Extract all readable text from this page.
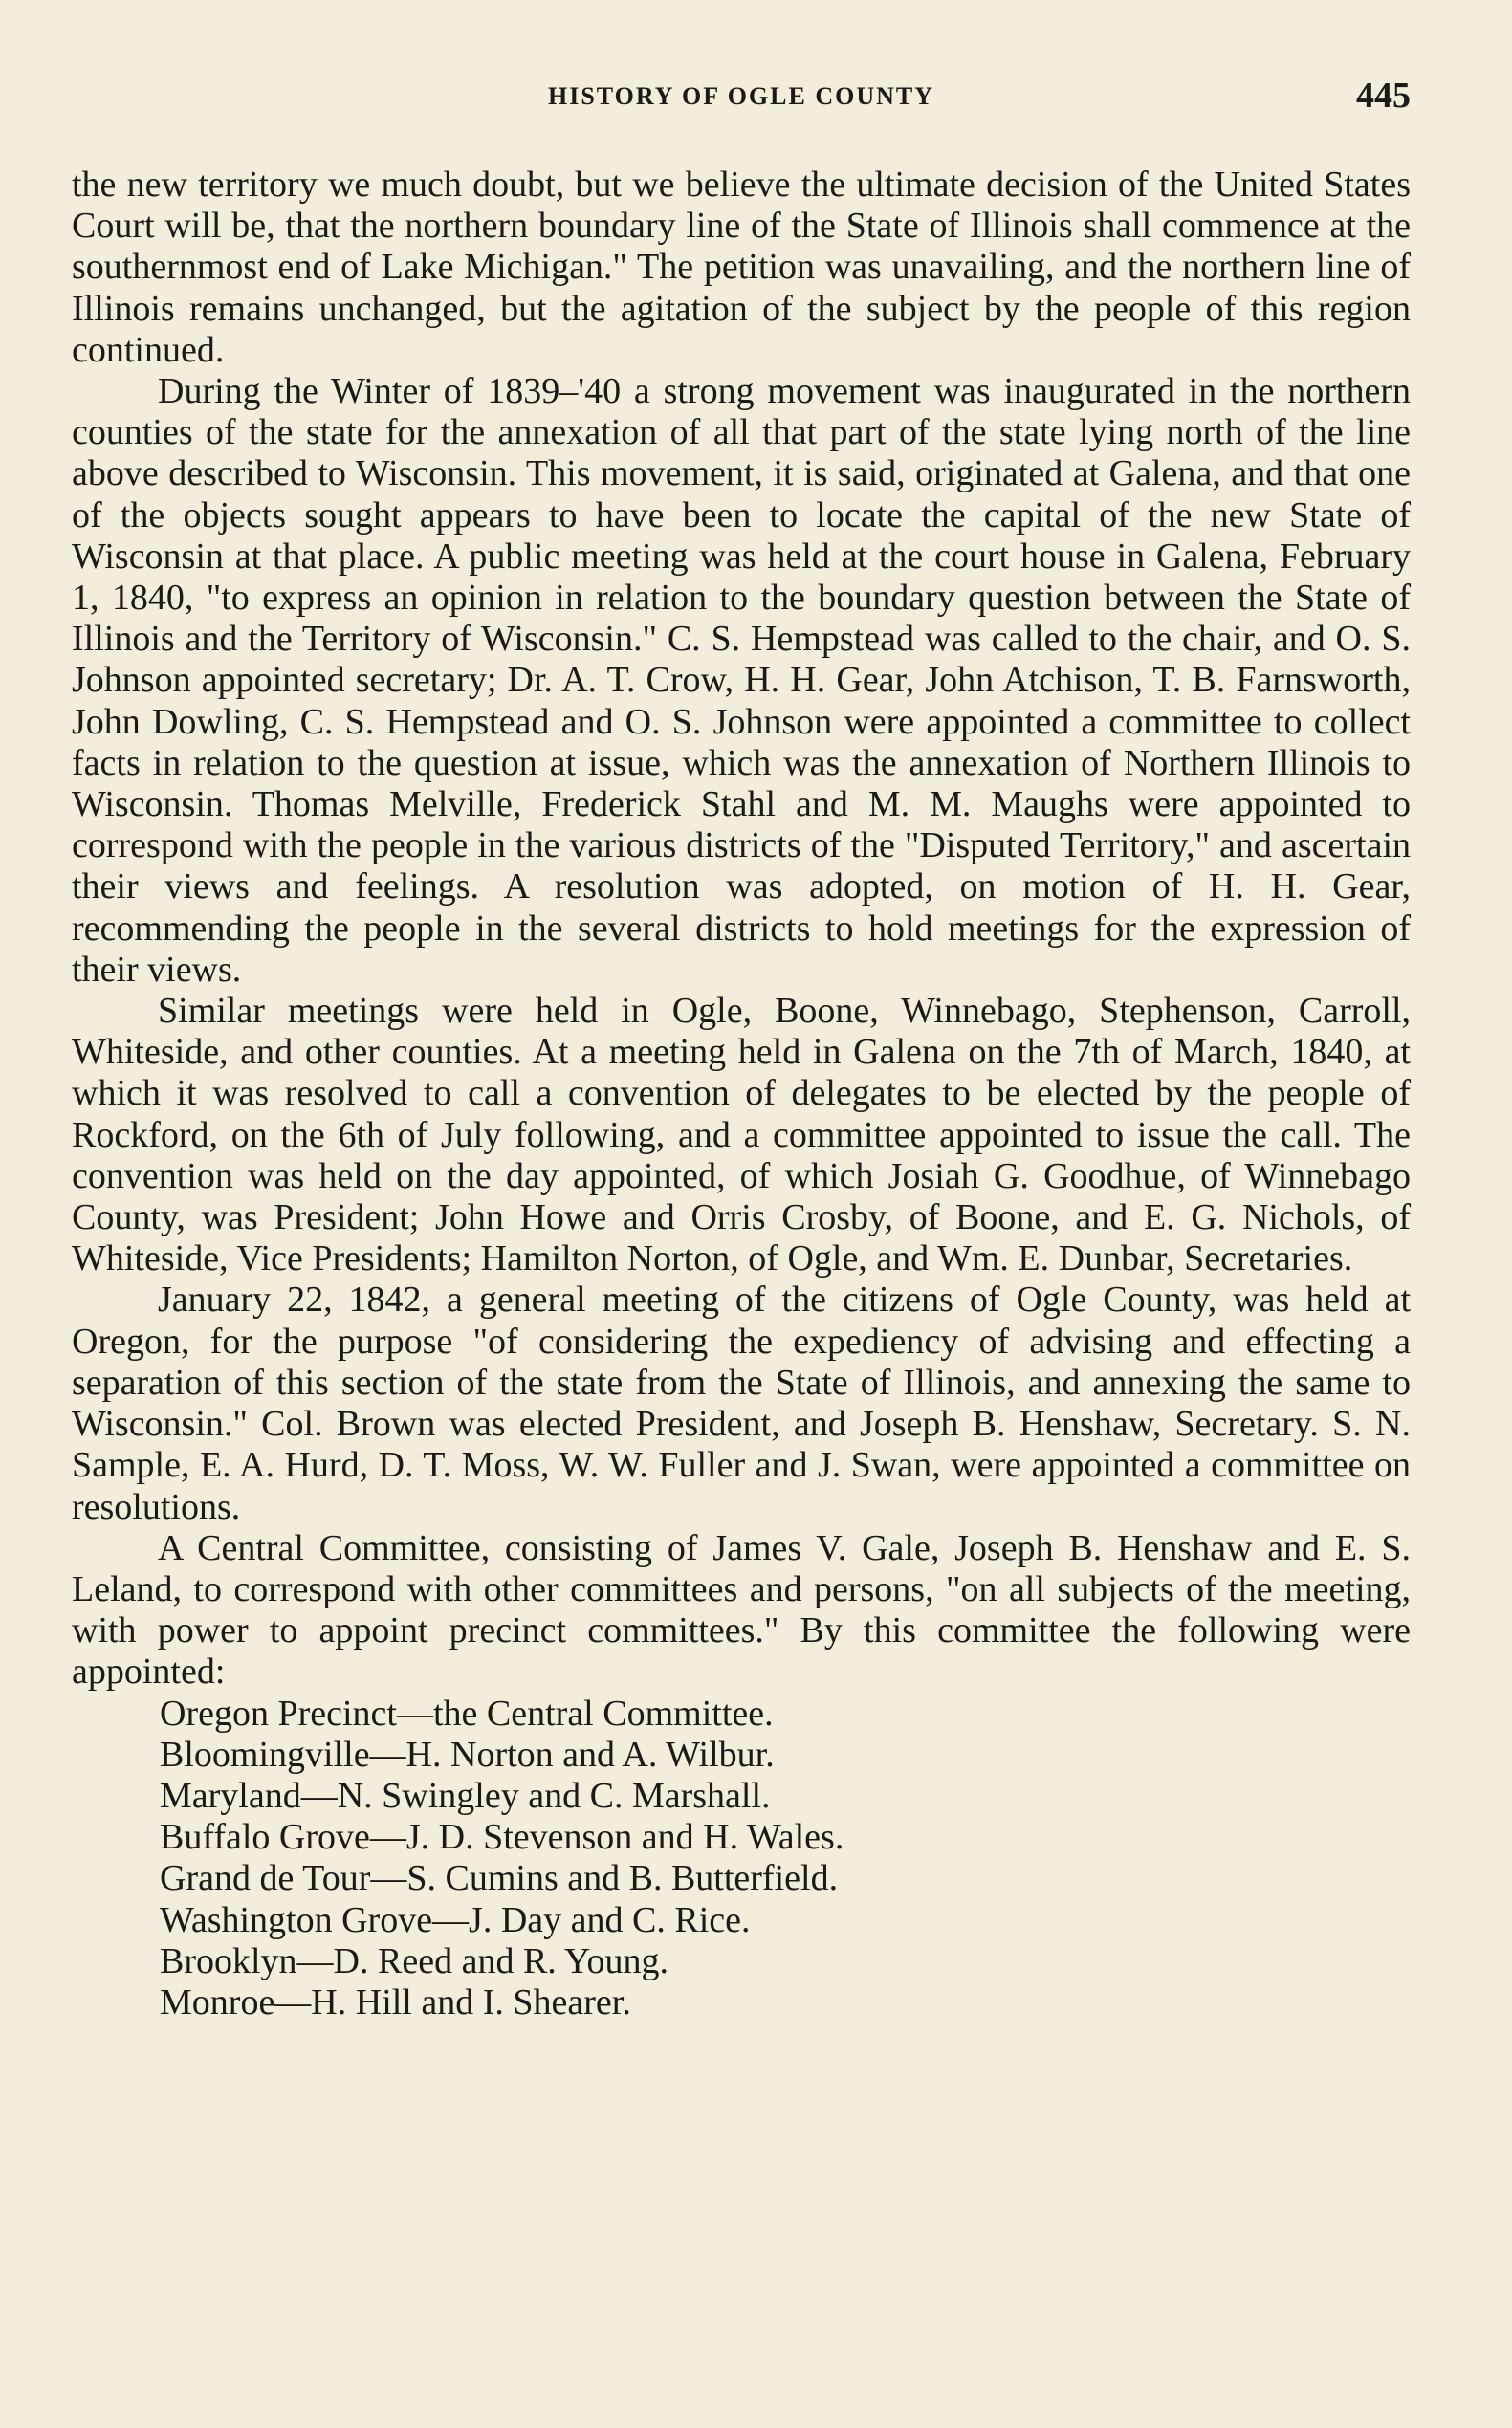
HISTORY OF OGLE COUNTY	445

the new territory we much doubt, but we believe the ultimate decision of the United States Court will be, that the northern boundary line of the State of Illinois shall commence at the southernmost end of Lake Michigan." The petition was unavailing, and the northern line of Illinois remains unchanged, but the agitation of the subject by the people of this region continued.

During the Winter of 1839–'40 a strong movement was inaugurated in the northern counties of the state for the annexation of all that part of the state lying north of the line above described to Wisconsin. This movement, it is said, originated at Galena, and that one of the objects sought appears to have been to locate the capital of the new State of Wisconsin at that place. A public meeting was held at the court house in Galena, February 1, 1840, "to express an opinion in relation to the boundary question between the State of Illinois and the Territory of Wisconsin." C. S. Hempstead was called to the chair, and O. S. Johnson appointed secretary; Dr. A. T. Crow, H. H. Gear, John Atchison, T. B. Farnsworth, John Dowling, C. S. Hempstead and O. S. Johnson were appointed a committee to collect facts in relation to the question at issue, which was the annexation of Northern Illinois to Wisconsin. Thomas Melville, Frederick Stahl and M. M. Maughs were appointed to correspond with the people in the various districts of the "Disputed Territory," and ascertain their views and feelings. A resolution was adopted, on motion of H. H. Gear, recommending the people in the several districts to hold meetings for the expression of their views.

Similar meetings were held in Ogle, Boone, Winnebago, Stephenson, Carroll, Whiteside, and other counties. At a meeting held in Galena on the 7th of March, 1840, at which it was resolved to call a convention of delegates to be elected by the people of Rockford, on the 6th of July following, and a committee appointed to issue the call. The convention was held on the day appointed, of which Josiah G. Goodhue, of Winnebago County, was President; John Howe and Orris Crosby, of Boone, and E. G. Nichols, of Whiteside, Vice Presidents; Hamilton Norton, of Ogle, and Wm. E. Dunbar, Secretaries.

January 22, 1842, a general meeting of the citizens of Ogle County, was held at Oregon, for the purpose "of considering the expediency of advising and effecting a separation of this section of the state from the State of Illinois, and annexing the same to Wisconsin." Col. Brown was elected President, and Joseph B. Henshaw, Secretary. S. N. Sample, E. A. Hurd, D. T. Moss, W. W. Fuller and J. Swan, were appointed a committee on resolutions.

A Central Committee, consisting of James V. Gale, Joseph B. Henshaw and E. S. Leland, to correspond with other committees and persons, "on all subjects of the meeting, with power to appoint precinct committees." By this committee the following were appointed:

Oregon Precinct—the Central Committee.
Bloomingville—H. Norton and A. Wilbur.
Maryland—N. Swingley and C. Marshall.
Buffalo Grove—J. D. Stevenson and H. Wales.
Grand de Tour—S. Cumins and B. Butterfield.
Washington Grove—J. Day and C. Rice.
Brooklyn—D. Reed and R. Young.
Monroe—H. Hill and I. Shearer.
